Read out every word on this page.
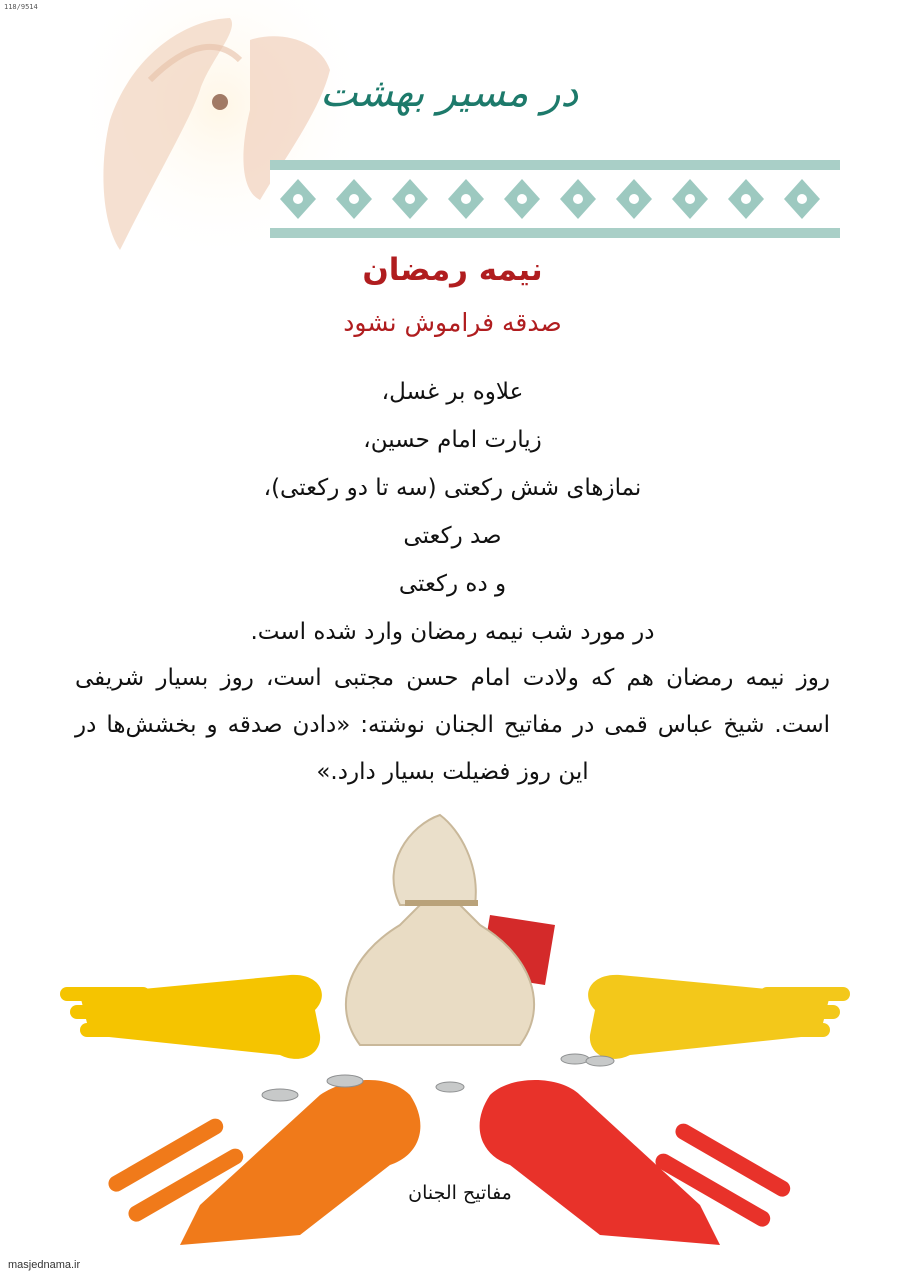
118/9514
در مسیر بهشت
نیمه رمضان
صدقه فراموش نشود
علاوه بر غسل،
زیارت امام حسین،
نمازهای شش رکعتی (سه تا دو رکعتی)،
صد رکعتی
و ده رکعتی
در مورد شب نیمه رمضان وارد شده است.
روز نیمه رمضان هم که ولادت امام حسن مجتبی است، روز بسیار شریفی است. شیخ عباس قمی در مفاتیح الجنان نوشته: «دادن صدقه و بخشش‌ها در این روز فضیلت بسیار دارد.»
مفاتیح الجنان
masjednama.ir
